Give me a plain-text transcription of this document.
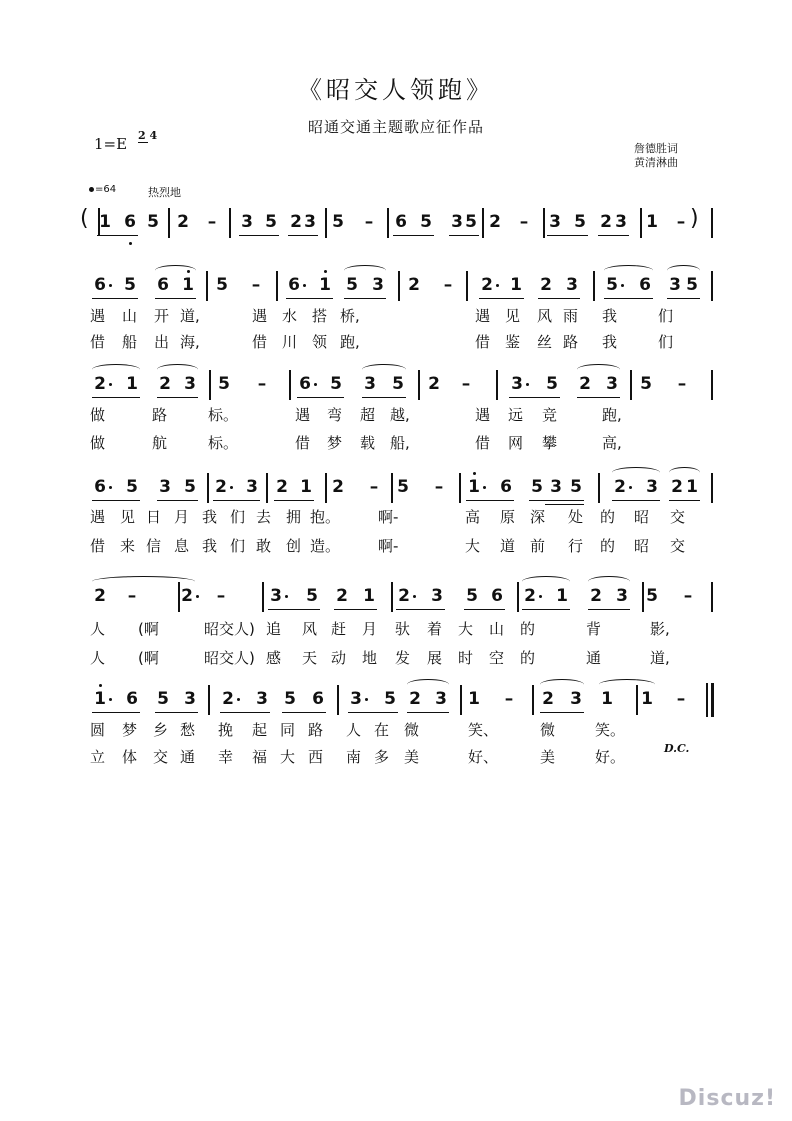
《昭交人领跑》
昭通交通主题歌应征作品
1=E 2 4
詹德胜词
黄清淋曲
=64	热烈地
(	)
1 6 5 2 – 3 5 2 3 5 – 6 5 3 5 2 – 3 5 2 3 1 –
6 5 6 1 5 – 6 1 5 3 2 – 2 1 2 3 5 6 3 5
遇 山 开 道,	遇 水 搭 桥,	遇 见 风 雨 我	们
借 船 出 海,	借 川 领 跑,	借 鉴 丝 路 我	们
2 1 2 3 5 – 6 5 3 5 2 – 3 5 2 3 5 –
做	路	标。	遇 弯 超 越,	遇 远 竞	跑,
做	航	标。	借 梦 载 船,	借 网 攀	高,
6 5 3 5 2 3 2 1 2 – 5 – 1 6 5 3 5 2 3 2 1
遇 见 日 月 我 们 去 拥 抱。	啊-	高 原 深 处 的 昭 交
借 来 信 息 我 们 敢 创 造。	啊-	大 道 前 行 的 昭 交
2 –	2 –	3 5 2 1 2 3 5 6 2 1 2 3 5 –
人 (啊	昭交人) 追 风 赶 月 驮 着 大 山 的	背	影,
人 (啊	昭交人) 感 天 动 地 发 展 时 空 的	通	道,
1 6 5 3 2 3 5 6 3 5 2 3 1 – 2 3 1 1 –
圆 梦 乡 愁 挽 起 同 路 人 在 微	笑、	微	笑。
立 体 交 通 幸 福 大 西 南 多 美	好、	美	好。	D.C.
Discuz!
